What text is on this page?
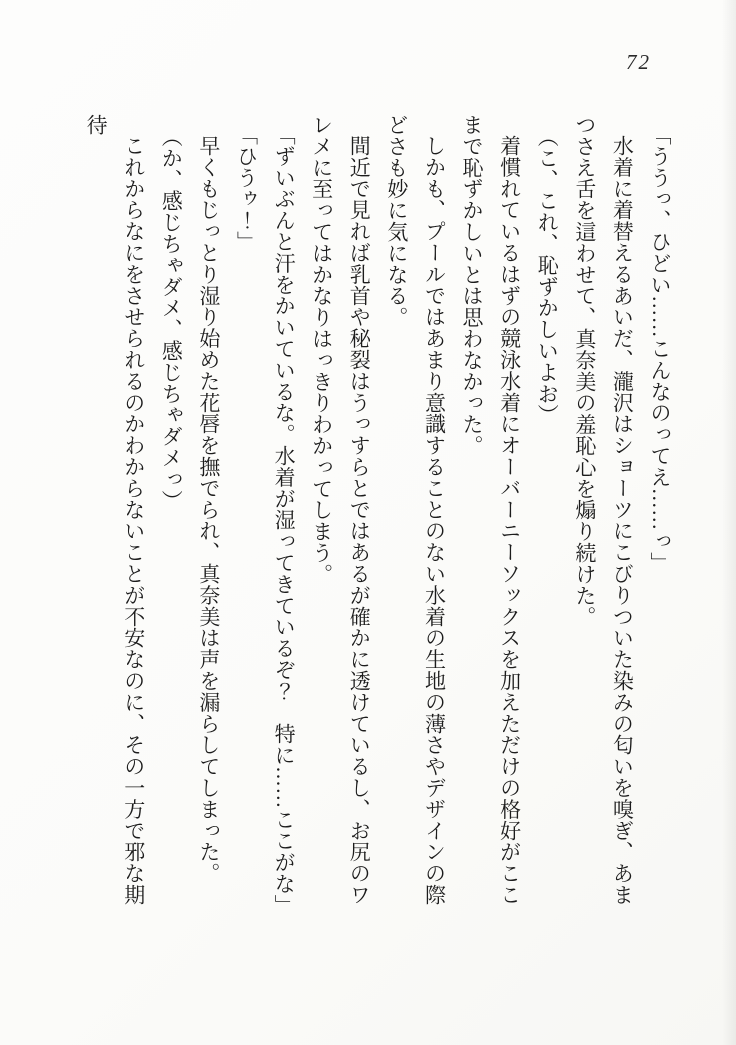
72

「ううっ、ひどい……こんなのってえ……っ」

水着に着替えるあいだ、瀧沢はショーツにこびりついた染みの匂いを嗅ぎ、あまつさえ舌を這わせて、真奈美の羞恥心を煽り続けた。

（こ、これ、恥ずかしいよお）

着慣れているはずの競泳水着にオーバーニーソックスを加えただけの格好がここまで恥ずかしいとは思わなかった。

しかも、プールではあまり意識することのない水着の生地の薄さやデザインの際どさも妙に気になる。

間近で見れば乳首や秘裂はうっすらとではあるが確かに透けているし、お尻のワレメに至ってはかなりはっきりわかってしまう。

「ずいぶんと汗をかいているな。水着が湿ってきているぞ？　特に……ここがな」

「ひうゥ！」

早くもじっとり湿り始めた花唇を撫でられ、真奈美は声を漏らしてしまった。

（か、感じちゃダメ、感じちゃダメっ）

これからなにをさせられるのかわからないことが不安なのに、その一方で邪な期待
